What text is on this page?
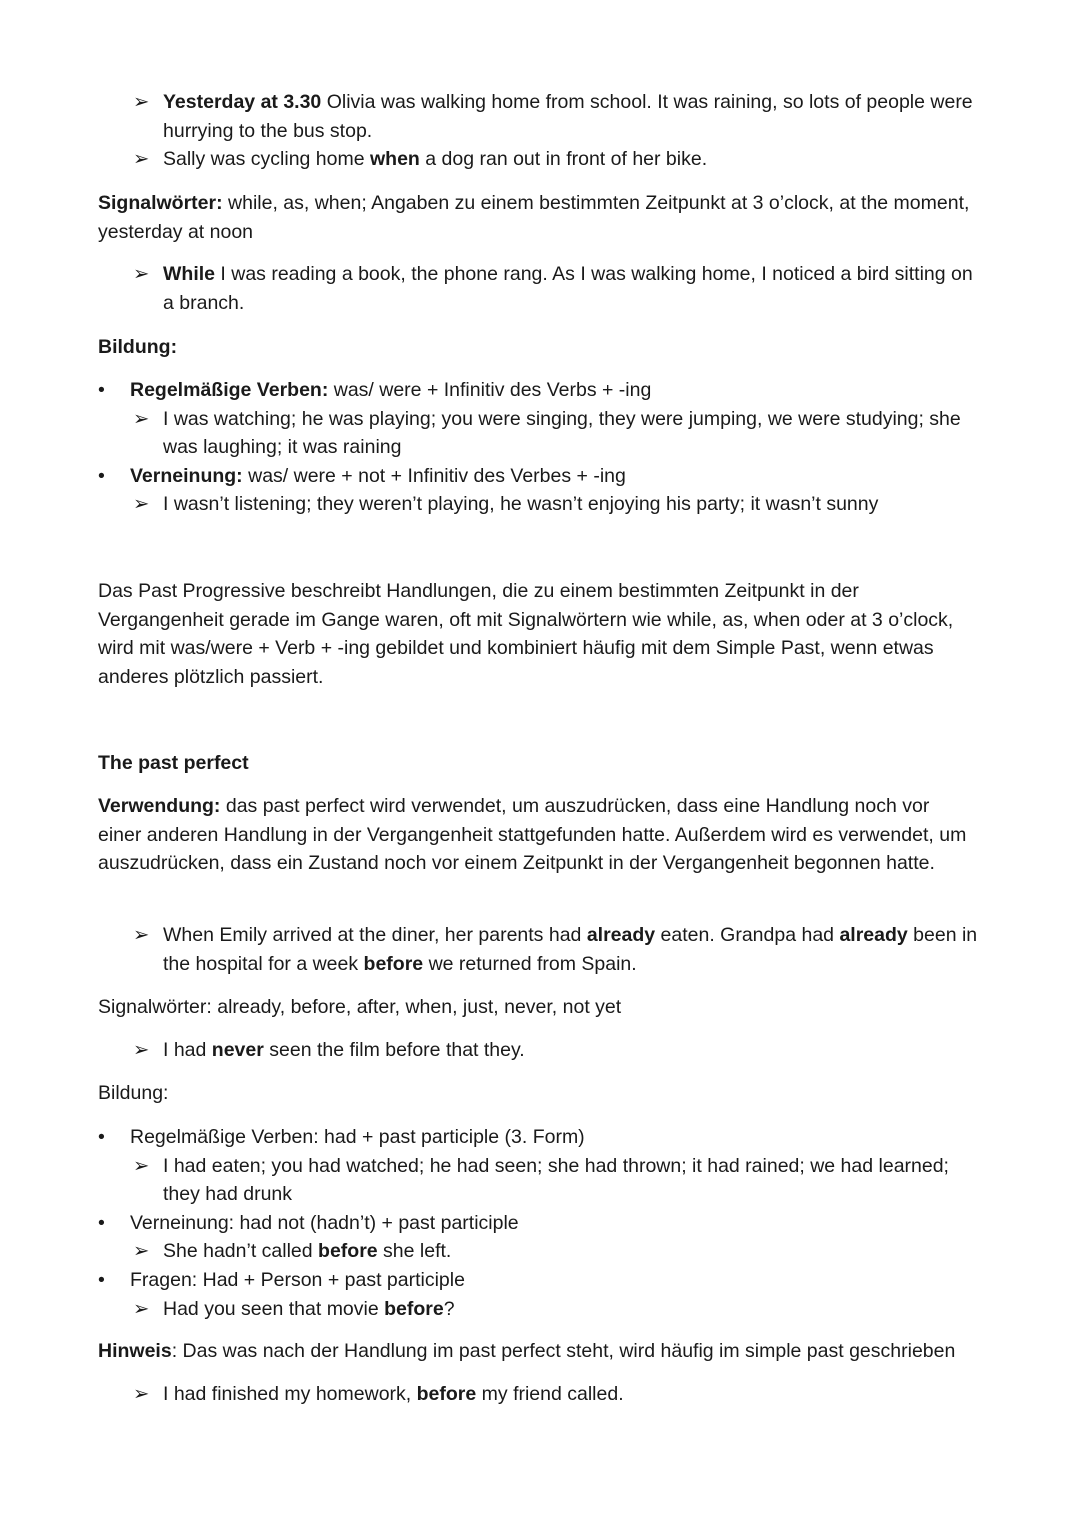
➢ Yesterday at 3.30 Olivia was walking home from school. It was raining, so lots of people were hurrying to the bus stop.
➢ Sally was cycling home when a dog ran out in front of her bike.
Signalwörter: while, as, when; Angaben zu einem bestimmten Zeitpunkt at 3 o’clock, at the moment, yesterday at noon
➢ While I was reading a book, the phone rang. As I was walking home, I noticed a bird sitting on a branch.
Bildung:
• Regelmäßige Verben: was/ were + Infinitiv des Verbs + -ing
➢ I was watching; he was playing; you were singing, they were jumping, we were studying; she was laughing; it was raining
• Verneinung: was/ were + not + Infinitiv des Verbes + -ing
➢ I wasn’t listening; they weren’t playing, he wasn’t enjoying his party; it wasn’t sunny
Das Past Progressive beschreibt Handlungen, die zu einem bestimmten Zeitpunkt in der Vergangenheit gerade im Gange waren, oft mit Signalwörtern wie while, as, when oder at 3 o’clock, wird mit was/were + Verb + -ing gebildet und kombiniert häufig mit dem Simple Past, wenn etwas anderes plötzlich passiert.
The past perfect
Verwendung: das past perfect wird verwendet, um auszudrücken, dass eine Handlung noch vor einer anderen Handlung in der Vergangenheit stattgefunden hatte. Außerdem wird es verwendet, um auszudrücken, dass ein Zustand noch vor einem Zeitpunkt in der Vergangenheit begonnen hatte.
➢ When Emily arrived at the diner, her parents had already eaten. Grandpa had already been in the hospital for a week before we returned from Spain.
Signalwörter: already, before, after, when, just, never, not yet
➢ I had never seen the film before that they.
Bildung:
• Regelmäßige Verben: had + past participle (3. Form)
➢ I had eaten; you had watched; he had seen; she had thrown; it had rained; we had learned; they had drunk
• Verneinung: had not (hadn’t) + past participle
➢ She hadn’t called before she left.
• Fragen: Had + Person + past participle
➢ Had you seen that movie before?
Hinweis: Das was nach der Handlung im past perfect steht, wird häufig im simple past geschrieben
➢ I had finished my homework, before my friend called.
